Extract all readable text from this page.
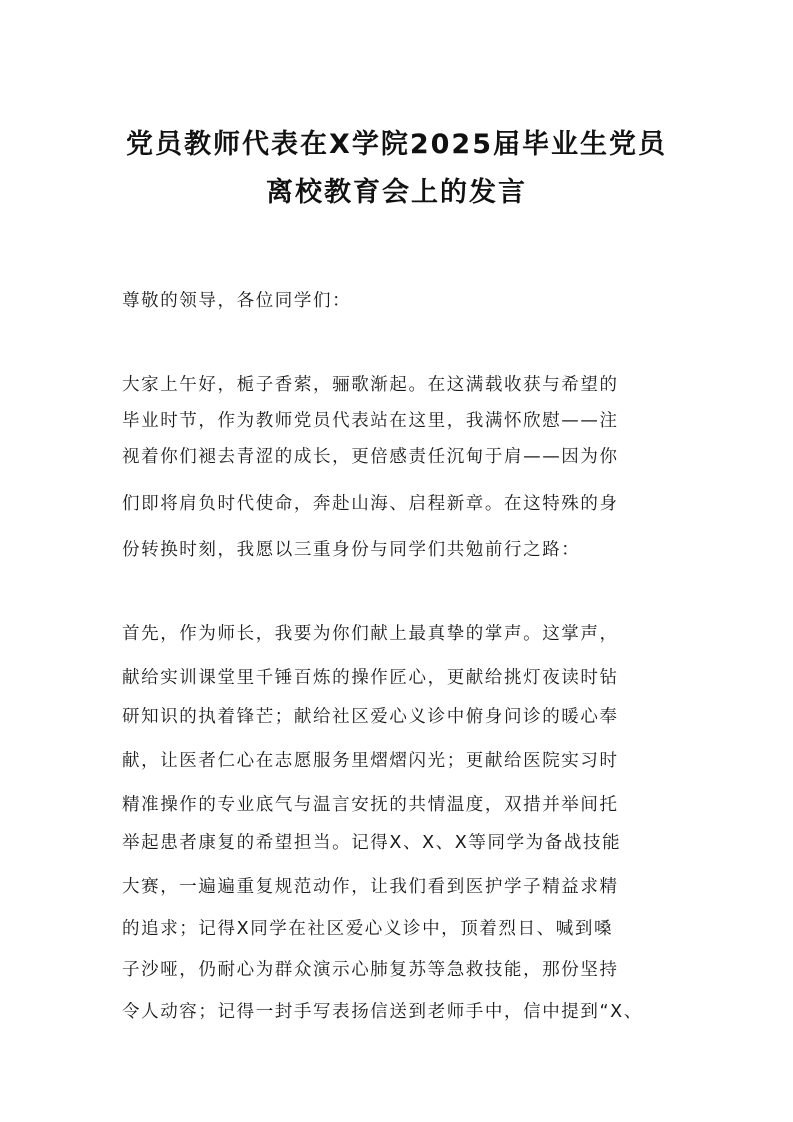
党员教师代表在X学院2025届毕业生党员
离校教育会上的发言
尊敬的领导，各位同学们：
大家上午好，栀子香萦，骊歌渐起。在这满载收获与希望的
毕业时节，作为教师党员代表站在这里，我满怀欣慰——注
视着你们褪去青涩的成长，更倍感责任沉甸于肩——因为你
们即将肩负时代使命，奔赴山海、启程新章。在这特殊的身
份转换时刻，我愿以三重身份与同学们共勉前行之路：
首先，作为师长，我要为你们献上最真挚的掌声。这掌声，
献给实训课堂里千锤百炼的操作匠心，更献给挑灯夜读时钻
研知识的执着锋芒；献给社区爱心义诊中俯身问诊的暖心奉
献，让医者仁心在志愿服务里熠熠闪光；更献给医院实习时
精准操作的专业底气与温言安抚的共情温度，双措并举间托
举起患者康复的希望担当。记得X、X、X等同学为备战技能
大赛，一遍遍重复规范动作，让我们看到医护学子精益求精
的追求；记得X同学在社区爱心义诊中，顶着烈日、喊到嗓
子沙哑，仍耐心为群众演示心肺复苏等急救技能，那份坚持
令人动容；记得一封手写表扬信送到老师手中，信中提到“X、
